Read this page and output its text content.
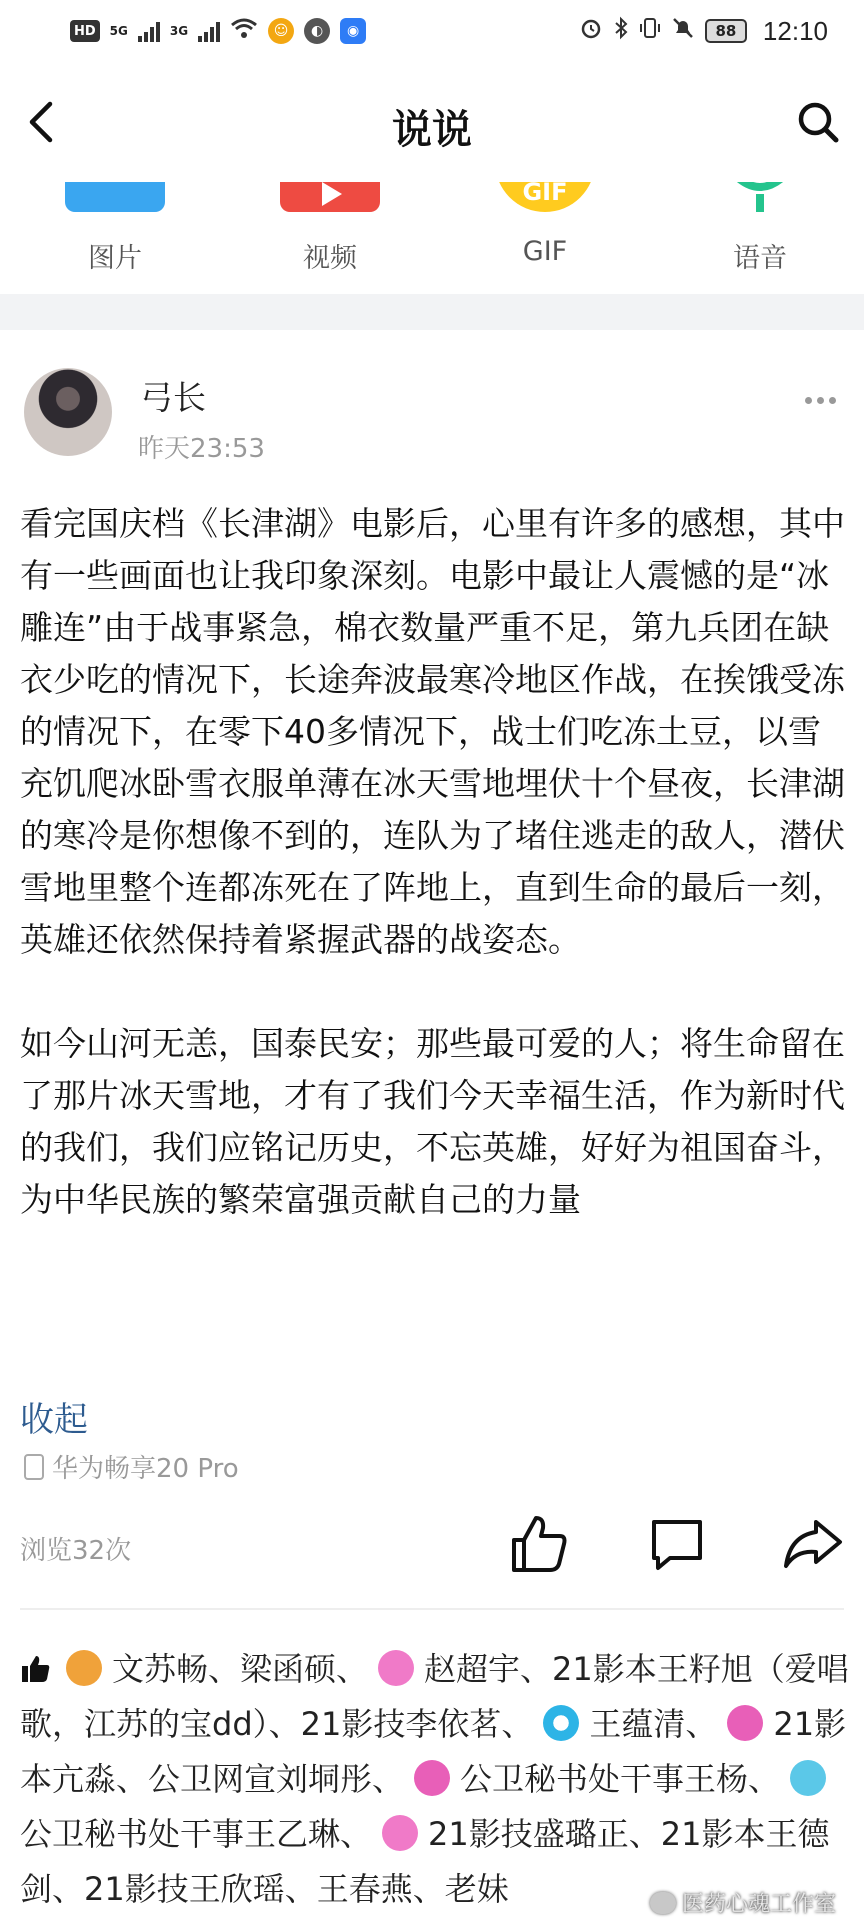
HD	5G	3G	☺	◐	◉	88	12:10
说说
图片	视频
GIF
GIF	语音
弓长
昨天23:53

看完国庆档《长津湖》电影后，心里有许多的感想，其中有一些画面也让我印象深刻。电影中最让人震憾的是“冰雕连”由于战事紧急，棉衣数量严重不足，第九兵团在缺衣少吃的情况下，长途奔波最寒冷地区作战，在挨饿受冻的情况下，在零下40多情况下，战士们吃冻土豆，以雪充饥爬冰卧雪衣服单薄在冰天雪地埋伏十个昼夜，长津湖的寒冷是你想像不到的，连队为了堵住逃走的敌人，潜伏雪地里整个连都冻死在了阵地上，直到生命的最后一刻，英雄还依然保持着紧握武器的战姿态。

如今山河无恙，国泰民安；那些最可爱的人；将生命留在了那片冰天雪地，才有了我们今天幸福生活，作为新时代的我们，我们应铭记历史，不忘英雄，好好为祖国奋斗，为中华民族的繁荣富强贡献自己的力量

收起
华为畅享20 Pro
浏览32次
文苏畅、梁函硕、 赵超宇、21影本王籽旭（爱唱歌，江苏的宝dd）、21影技李依茗、 王蕴清、 21影本亢淼、公卫网宣刘垌彤、 公卫秘书处干事王杨、公卫秘书处干事王乙琳、 21影技盛璐正、21影本王德剑、21影技王欣瑶、王春燕、老妹	医药心魂工作室
